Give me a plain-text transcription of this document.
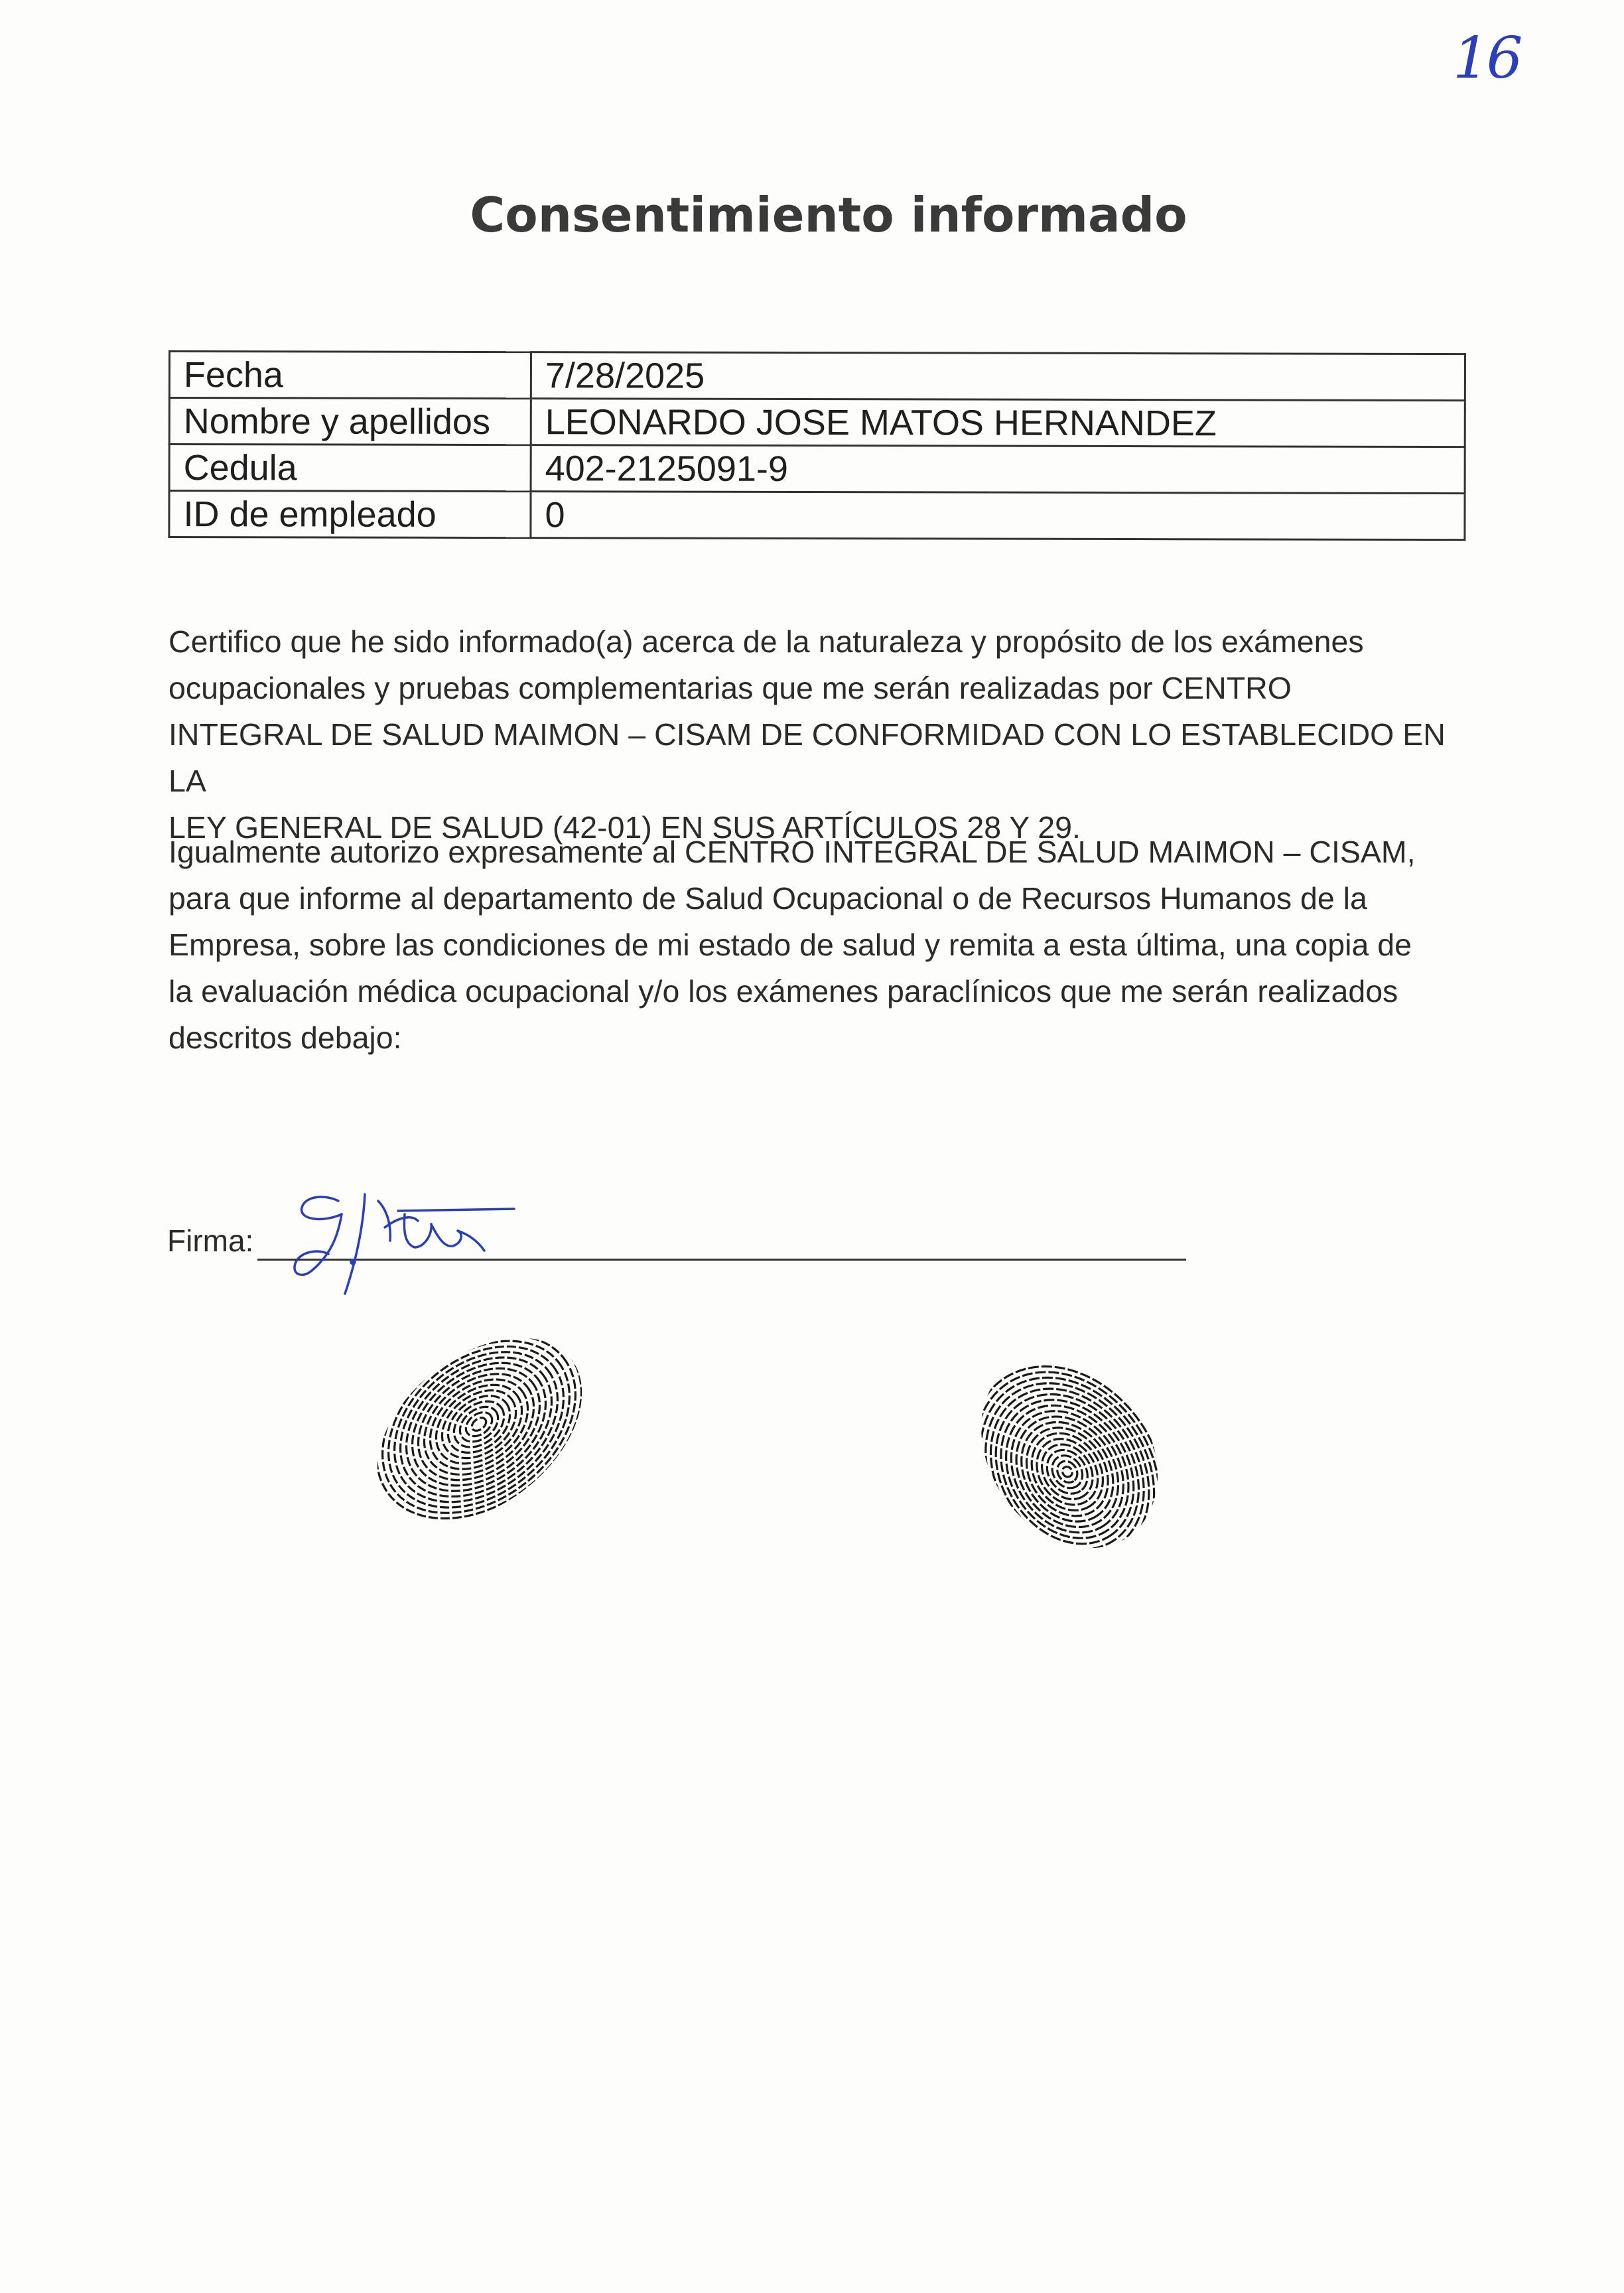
16
Consentimiento informado
Fecha	7/28/2025
Nombre y apellidos	LEONARDO JOSE MATOS HERNANDEZ
Cedula	402-2125091-9
ID de empleado	0

Certifico que he sido informado(a) acerca de la naturaleza y propósito de los exámenes
ocupacionales y pruebas complementarias que me serán realizadas por CENTRO
INTEGRAL DE SALUD MAIMON – CISAM DE CONFORMIDAD CON LO ESTABLECIDO EN LA
LEY GENERAL DE SALUD (42-01) EN SUS ARTÍCULOS 28 Y 29.

Igualmente autorizo expresamente al CENTRO INTEGRAL DE SALUD MAIMON – CISAM,
para que informe al departamento de Salud Ocupacional o de Recursos Humanos de la
Empresa, sobre las condiciones de mi estado de salud y remita a esta última, una copia de
la evaluación médica ocupacional y/o los exámenes paraclínicos que me serán realizados
descritos debajo:

Firma:
